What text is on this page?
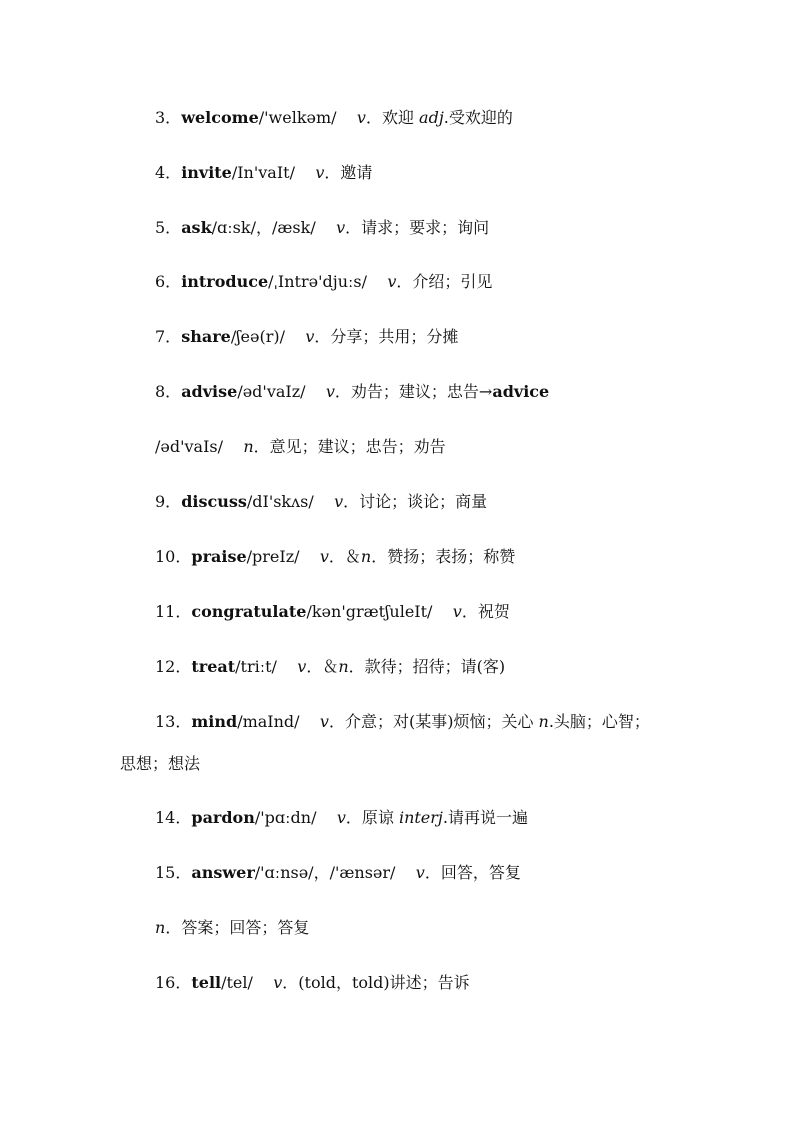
3．welcome/'welkəm/ v．欢迎 adj.受欢迎的
4．invite/In'vaIt/ v．邀请
5．ask/ɑːsk/，/æsk/ v．请求；要求；询问
6．introduce/ˌIntrə'djuːs/ v．介绍；引见
7．share/ʃeə(r)/ v．分享；共用；分摊
8．advise/əd'vaIz/ v．劝告；建议；忠告→advice
/əd'vaIs/ n．意见；建议；忠告；劝告
9．discuss/dI'skʌs/ v．讨论；谈论；商量
10．praise/preIz/ v．＆n．赞扬；表扬；称赞
11．congratulate/kən'grætʃuleIt/ v．祝贺
12．treat/triːt/ v．＆n．款待；招待；请(客)
13．mind/maInd/ v．介意；对(某事)烦恼；关心 n.头脑；心智；
思想；想法
14．pardon/'pɑːdn/ v．原谅 interj.请再说一遍
15．answer/'ɑːnsə/，/'ænsər/ v．回答，答复
n．答案；回答；答复
16．tell/tel/ v．(told，told)讲述；告诉
